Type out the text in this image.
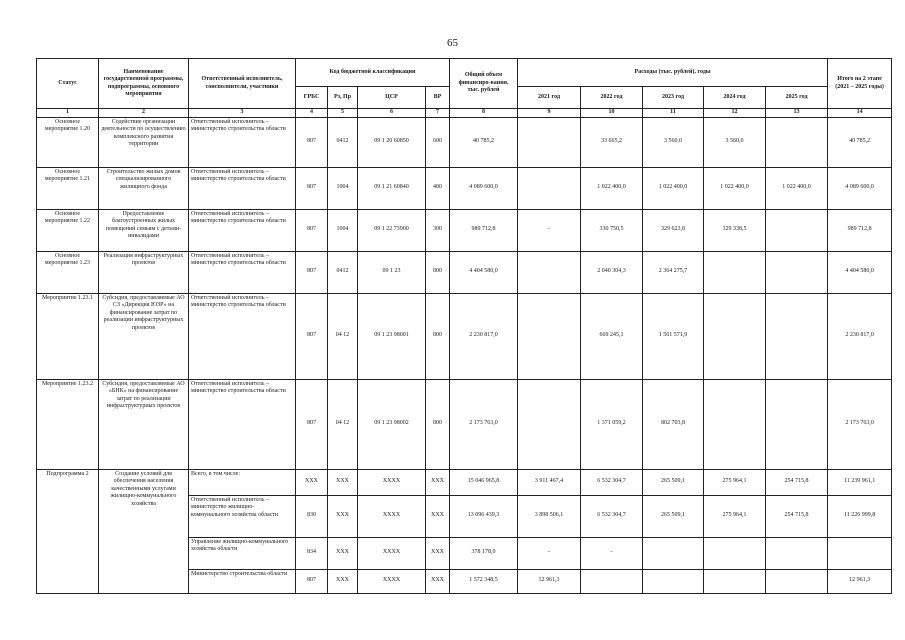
65
Статус	Наименование государственной программы, подпрограммы, основного мероприятия	Ответственный исполнитель, соисполнители, участники	Код бюджетной классификации				Общий объем финансиро-вания, тыс. рублей	Расходы (тыс. рублей), годы					Итого на 2 этапе (2021 – 2025 годы)
			ГРБС	Рз, Пр	ЦСР	ВР		2021 год	2022 год	2023 год	2024 год	2025 год	
1	2	3	4	5	6	7	8	9	10	11	12	13	14
Основное мероприятие 1.20	Содействие организации деятельности по осуществлению комплексного развития территории	Ответственный исполнитель – министерство строительства области	807	0412	09 1 20 60850	600	40 785,2		33 665,2	3 560,0	3 560,0		40 785,2
Основное мероприятие 1.21	Строительство жилых домов специализированного жилищного фонда	Ответственный исполнитель – министерство строительства области	807	1004	09 1 21 60840	400	4 089 600,0		1 022 400,0	1 022 400,0	1 022 400,0	1 022 400,0	4 089 600,0
Основное мероприятие 1.22	Предоставление благоустроенных жилых помещений семьям с детьми-инвалидами	Ответственный исполнитель – министерство строительства области	807	1004	09 1 22 73900	300	989 712,8	-	330 750,5	329 623,8	329 338,5		989 712,8
Основное мероприятие 1.23	Реализация инфраструктурных проектов	Ответственный исполнитель – министерство строительства области	807	0412	09 1 23	800	4 404 580,0		2 040 304,3	2 364 275,7			4 404 580,0
Мероприятие 1.23.1	Субсидия, предоставляемые АО СЗ «Дирекция ЮЗР» на финансирование затрат по реализации инфраструктурных проектов	Ответственный исполнитель – министерство строительства области	807	04 12	09 1 23 98001	800	2 230 817,0		669 245,1	1 561 571,9			2 230 817,0
Мероприятие 1.23.2	Субсидия, предоставляемые АО «БНК» на финансирование затрат по реализации инфраструктурных проектов	Ответственный исполнитель – министерство строительства области	807	04 12	09 1 23 98002	800	2 173 763,0		1 371 059,2	802 703,8			2 173 763,0
Подпрограмма 2	Создание условий для обеспечения населения качественными услугами жилищно-коммунального хозяйства	Всего, в том числе:	ХХХ	ХХХ	ХХХХ	ХХХ	15 046 965,8	3 911 467,4	6 532 304,7	265 509,1	275 964,1	254 715,8	11 239 961,1
		Ответственный исполнитель – министерство жилищно-коммунального хозяйства области	830	ХХХ	ХХХХ	ХХХ	13 096 439,3	3 898 506,1	6 532 304,7	265 509,1	275 964,1	254 715,8	11 226 999,8
		Управление жилищно-коммунального хозяйства области	834	ХХХ	ХХХХ	ХХХ	378 178,0	-	-				
		Министерство строительства области	807	ХХХ	ХХХХ	ХХХ	1 572 348,5	12 961,3					12 961,3
